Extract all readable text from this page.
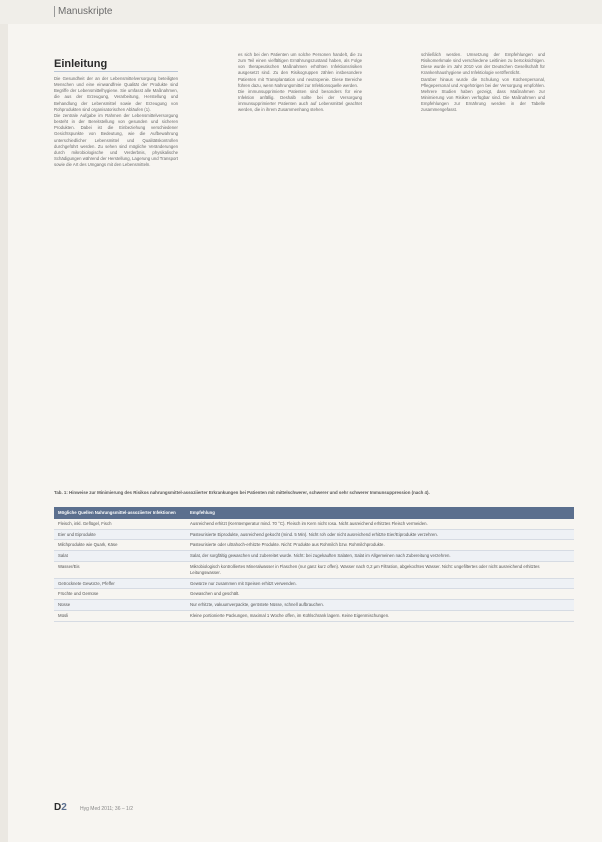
Manuskripte
Einleitung

Die Gesundheit der an der Lebensmittelversorgung beteiligten Menschen und eine einwandfreie Qualität der Produkte sind Begriffe der Lebensmittelhygiene. Sie umfasst alle Maßnahmen, die aus der Erzeugung, Verarbeitung, Herstellung und Behandlung der Lebensmittel sowie der Erzeugung von Rohprodukten sind organisatorischen Abläufen (1).

Die zentrale Aufgabe im Rahmen der Lebensmittelversorgung besteht in der Bereitstellung von gesunden und sicheren Produkten. Dabei ist die Einbeziehung verschiedener Gesichtspunkte von Bedeutung, wie die Aufbewahrung unterschiedlicher Lebensmittel und Qualitätskontrollen durchgeführt werden. Zu sehen sind mögliche Veränderungen durch mikrobiologische und Verderbnis, physikalische Schädigungen während der Herstellung, Lagerung und Transport sowie die Art des Umgangs mit den Lebensmitteln.

es sich bei den Patienten um solche Personen handelt, die zu zum Teil einen vielfältigen Ernährungszustand haben, als Folge von therapeutischen Maßnahmen erhöhten Infektionsrisiken ausgesetzt sind. Zu den Risikogruppen zählen insbesondere Patienten mit Transplantation und neutropenie. Diese Bereiche führen dazu, wenn Nahrungsmittel zur Infektionsquelle werden.

Die immunsupprimierte Patienten sind besonders für eine Infektion anfällig. Deshalb sollte bei der Versorgung immunsupprimierter Patienten auch auf Lebensmittel geachtet werden, die in ihrem Zusammenhang stehen.

schließlich werden. Umsetzung der Empfehlungen und Risikomerkmale sind verschiedene Leitlinien zu berücksichtigen. Diese wurde im Jahr 2010 von der Deutschen Gesellschaft für Krankenhaushygiene und Infektiologie veröffentlicht.

Darüber hinaus wurde die Schulung von Küchenpersonal, Pflegepersonal und Angehörigen bei der Versorgung empfohlen. Mehrere Studien haben gezeigt, dass Maßnahmen zur Minimierung von Risiken verfügbar sind. Die Maßnahmen und Empfehlungen zur Ernährung werden in der Tabelle zusammengefasst.

Tab. 1: Hinweise zur Minimierung des Risikos nahrungsmittel-assoziierter Erkrankungen bei Patienten mit mittelschwerer, schwerer und sehr schwerer Immunsuppression (nach 4).
Mögliche Quellen Nahrungsmittel-assoziierter Infektionen	Empfehlung
Fleisch, inkl. Geflügel, Fisch	Ausreichend erhitzt (Kerntemperatur mind. 70 °C). Fleisch im Kern nicht rosa. Nicht ausreichend erhitztes Fleisch vermeiden.
Eier und Eiprodukte	Pasteurisierte Eiprodukte, ausreichend gekocht (mind. 5 Min). Nicht roh oder nicht ausreichend erhitzte Eier/Eiprodukte verzehren.
Milchprodukte wie Quark, Käse	Pasteurisierte oder ultrahoch-erhitzte Produkte. Nicht: Produkte aus Rohmilch bzw. Rohmilchprodukte.
Salat	Salat, der sorgfältig gewaschen und zubereitet wurde. Nicht: bei zugekauften Salaten, Salat im Allgemeinen nach Zubereitung verzehren.
Wasser/Eis	Mikrobiologisch kontrolliertes Mineralwasser in Flaschen (nur ganz kurz offen). Wasser nach 0,2 µm Filtration, abgekochtes Wasser. Nicht: ungefiltertes oder nicht ausreichend erhitztes Leitungswasser.
Getrocknete Gewürze, Pfeffer	Gewürze nur zusammen mit Speisen erhitzt verwenden.
Früchte und Gemüse	Gewaschen und geschält.
Nüsse	Nur erhitzte, vakuumverpackte, geröstete Nüsse, schnell aufbrauchen.
Müsli	Kleine portionierte Packungen, maximal 1 Woche offen, im Kühlschrank lagern. Keine Eigenmischungen.
D2	Hyg Med 2011; 36 – 1/2
